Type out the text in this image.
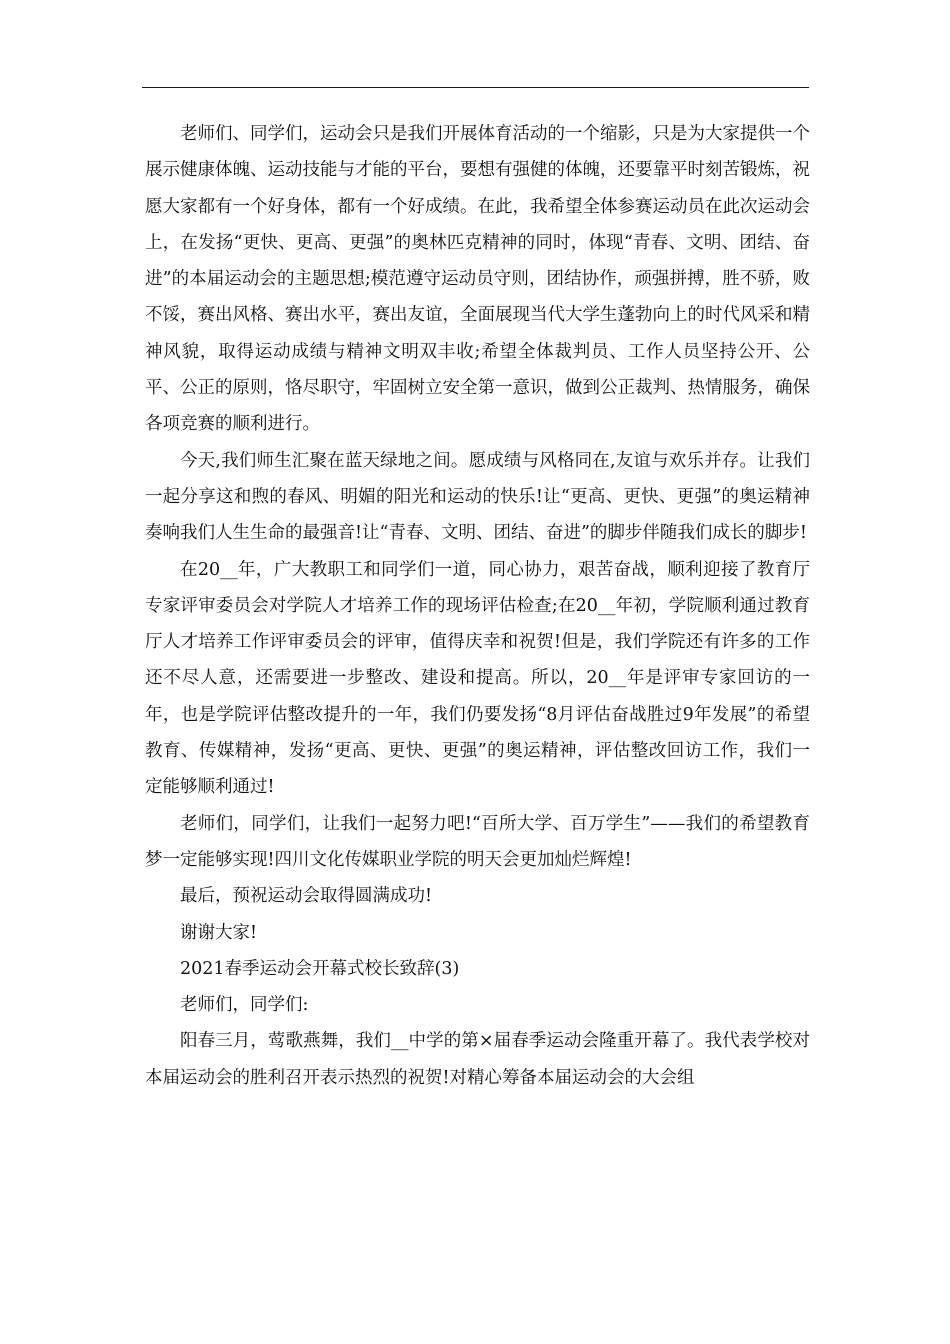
老师们、同学们，运动会只是我们开展体育活动的一个缩影，只是为大家提供一个展示健康体魄、运动技能与才能的平台，要想有强健的体魄，还要靠平时刻苦锻炼，祝愿大家都有一个好身体，都有一个好成绩。在此，我希望全体参赛运动员在此次运动会上，在发扬“更快、更高、更强”的奥林匹克精神的同时，体现“青春、文明、团结、奋进”的本届运动会的主题思想;模范遵守运动员守则，团结协作，顽强拼搏，胜不骄，败不馁，赛出风格、赛出水平，赛出友谊，全面展现当代大学生蓬勃向上的时代风采和精神风貌，取得运动成绩与精神文明双丰收;希望全体裁判员、工作人员坚持公开、公平、公正的原则，恪尽职守，牢固树立安全第一意识，做到公正裁判、热情服务，确保各项竞赛的顺利进行。

今天,我们师生汇聚在蓝天绿地之间。愿成绩与风格同在,友谊与欢乐并存。让我们一起分享这和煦的春风、明媚的阳光和运动的快乐!让“更高、更快、更强”的奥运精神奏响我们人生生命的最强音!让“青春、文明、团结、奋进”的脚步伴随我们成长的脚步!

在20__年，广大教职工和同学们一道，同心协力，艰苦奋战，顺利迎接了教育厅专家评审委员会对学院人才培养工作的现场评估检查;在20__年初，学院顺利通过教育厅人才培养工作评审委员会的评审，值得庆幸和祝贺!但是，我们学院还有许多的工作还不尽人意，还需要进一步整改、建设和提高。所以，20__年是评审专家回访的一年，也是学院评估整改提升的一年，我们仍要发扬“8月评估奋战胜过9年发展”的希望教育、传媒精神，发扬“更高、更快、更强”的奥运精神，评估整改回访工作，我们一定能够顺利通过!

老师们，同学们，让我们一起努力吧!“百所大学、百万学生”——我们的希望教育梦一定能够实现!四川文化传媒职业学院的明天会更加灿烂辉煌!

最后，预祝运动会取得圆满成功!

谢谢大家!

2021春季运动会开幕式校长致辞(3)

老师们，同学们:

阳春三月，莺歌燕舞，我们__中学的第×届春季运动会隆重开幕了。我代表学校对本届运动会的胜利召开表示热烈的祝贺!对精心筹备本届运动会的大会组
